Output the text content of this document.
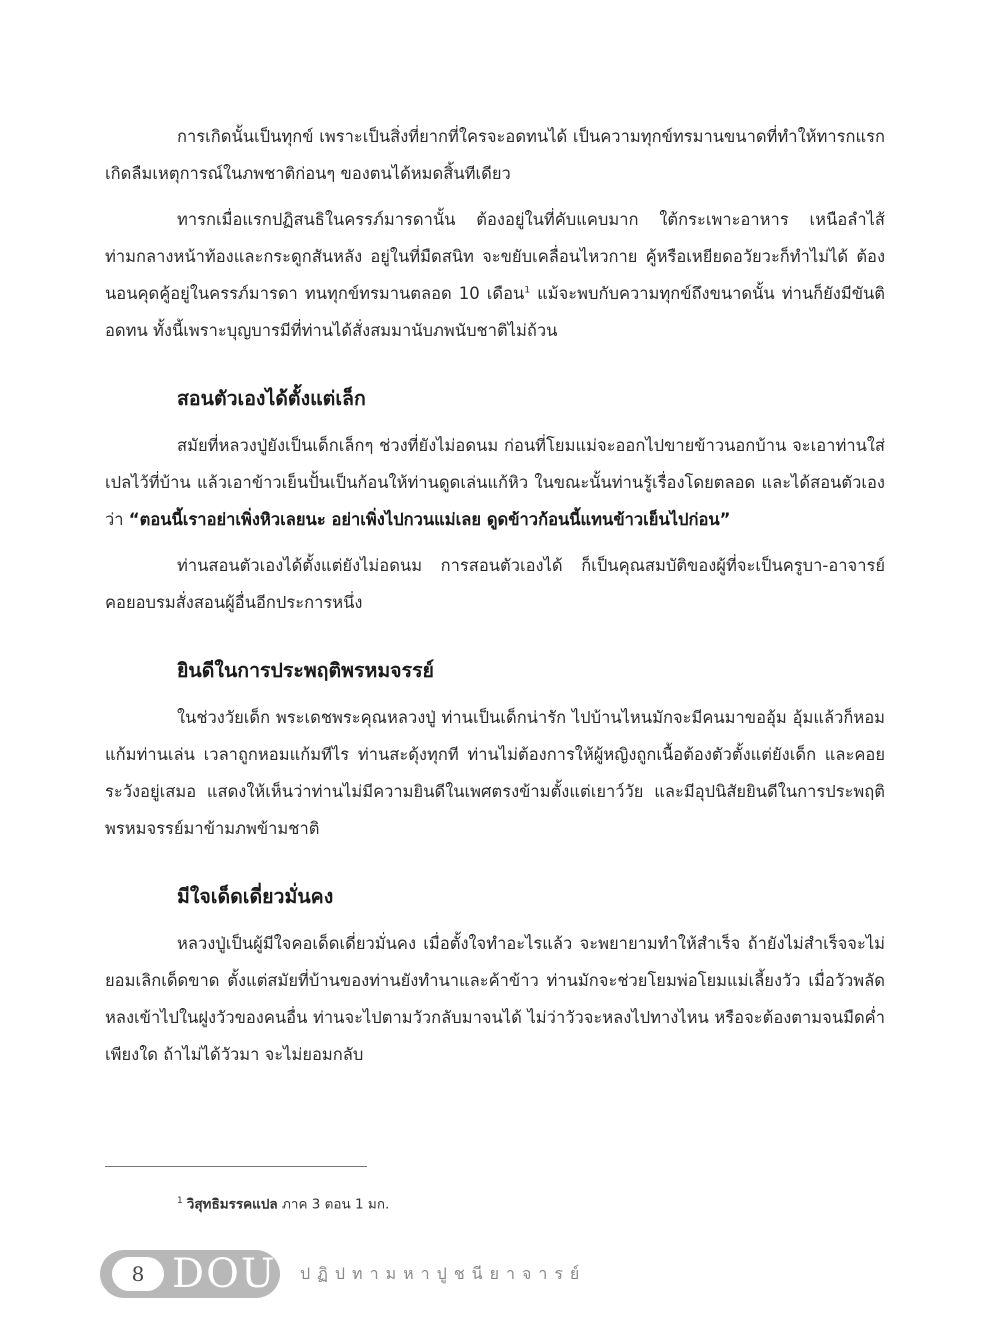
การเกิดนั้นเป็นทุกข์ เพราะเป็นสิ่งที่ยากที่ใครจะอดทนได้ เป็นความทุกข์ทรมานขนาดที่ทำให้ทารกแรกเกิดลืมเหตุการณ์ในภพชาติก่อนๆ ของตนได้หมดสิ้นทีเดียว

ทารกเมื่อแรกปฏิสนธิในครรภ์มารดานั้น ต้องอยู่ในที่คับแคบมาก ใต้กระเพาะอาหาร เหนือลำไส้ท่ามกลางหน้าท้องและกระดูกสันหลัง อยู่ในที่มืดสนิท จะขยับเคลื่อนไหวกาย คู้หรือเหยียดอวัยวะก็ทำไม่ได้ ต้องนอนคุดคู้อยู่ในครรภ์มารดา ทนทุกข์ทรมานตลอด 10 เดือน$^1$ แม้จะพบกับความทุกข์ถึงขนาดนั้น ท่านก็ยังมีขันติอดทน ทั้งนี้เพราะบุญบารมีที่ท่านได้สั่งสมมานับภพนับชาติไม่ถ้วน

สอนตัวเองได้ตั้งแต่เล็ก

สมัยที่หลวงปู่ยังเป็นเด็กเล็กๆ ช่วงที่ยังไม่อดนม ก่อนที่โยมแม่จะออกไปขายข้าวนอกบ้าน จะเอาท่านใส่เปลไว้ที่บ้าน แล้วเอาข้าวเย็นปั้นเป็นก้อนให้ท่านดูดเล่นแก้หิว ในขณะนั้นท่านรู้เรื่องโดยตลอด และได้สอนตัวเองว่า “ตอนนี้เราอย่าเพิ่งหิวเลยนะ อย่าเพิ่งไปกวนแม่เลย ดูดข้าวก้อนนี้แทนข้าวเย็นไปก่อน”

ท่านสอนตัวเองได้ตั้งแต่ยังไม่อดนม การสอนตัวเองได้ ก็เป็นคุณสมบัติของผู้ที่จะเป็นครูบา-อาจารย์ คอยอบรมสั่งสอนผู้อื่นอีกประการหนึ่ง

ยินดีในการประพฤติพรหมจรรย์

ในช่วงวัยเด็ก พระเดชพระคุณหลวงปู่ ท่านเป็นเด็กน่ารัก ไปบ้านไหนมักจะมีคนมาขออุ้ม อุ้มแล้วก็หอมแก้มท่านเล่น เวลาถูกหอมแก้มทีไร ท่านสะดุ้งทุกที ท่านไม่ต้องการให้ผู้หญิงถูกเนื้อต้องตัวตั้งแต่ยังเด็ก และคอยระวังอยู่เสมอ แสดงให้เห็นว่าท่านไม่มีความยินดีในเพศตรงข้ามตั้งแต่เยาว์วัย และมีอุปนิสัยยินดีในการประพฤติพรหมจรรย์มาข้ามภพข้ามชาติ

มีใจเด็ดเดี่ยวมั่นคง

หลวงปู่เป็นผู้มีใจคอเด็ดเดี่ยวมั่นคง เมื่อตั้งใจทำอะไรแล้ว จะพยายามทำให้สำเร็จ ถ้ายังไม่สำเร็จจะไม่ยอมเลิกเด็ดขาด ตั้งแต่สมัยที่บ้านของท่านยังทำนาและค้าข้าว ท่านมักจะช่วยโยมพ่อโยมแม่เลี้ยงวัว เมื่อวัวพลัดหลงเข้าไปในฝูงวัวของคนอื่น ท่านจะไปตามวัวกลับมาจนได้ ไม่ว่าวัวจะหลงไปทางไหน หรือจะต้องตามจนมืดค่ำเพียงใด ถ้าไม่ได้วัวมา จะไม่ยอมกลับ

$^1$ วิสุทธิมรรคแปล ภาค 3 ตอน 1 มก.
8 DOU ปฏิปทามหาปูชนียาจารย์
